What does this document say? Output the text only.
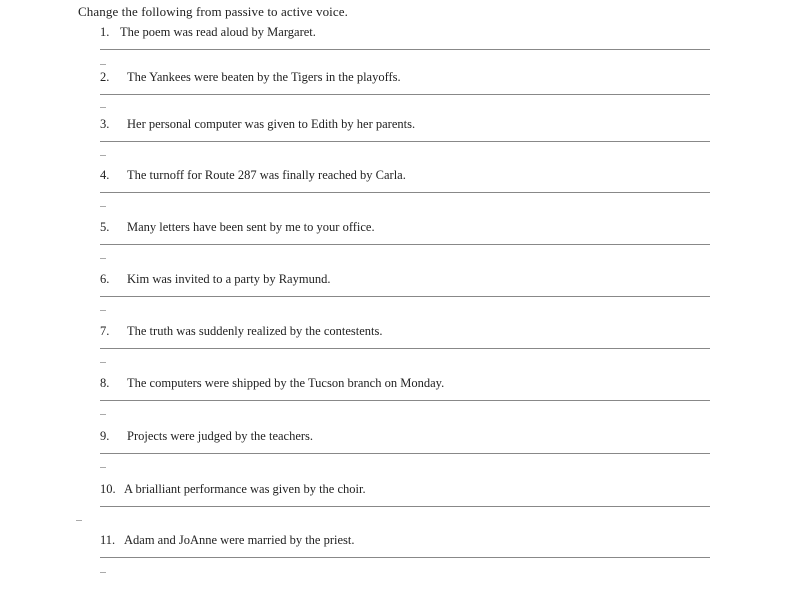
Change the following from passive to active voice.
1. The poem was read aloud by Margaret.
2. The Yankees were beaten by the Tigers in the playoffs.
3. Her personal computer was given to Edith by her parents.
4. The turnoff for Route 287 was finally reached by Carla.
5. Many letters have been sent by me to your office.
6. Kim was invited to a party by Raymund.
7. The truth was suddenly realized by the contestents.
8. The computers were shipped by the Tucson branch on Monday.
9. Projects were judged by the teachers.
10. A brialliant performance was given by the choir.
11. Adam and JoAnne were married by the priest.
